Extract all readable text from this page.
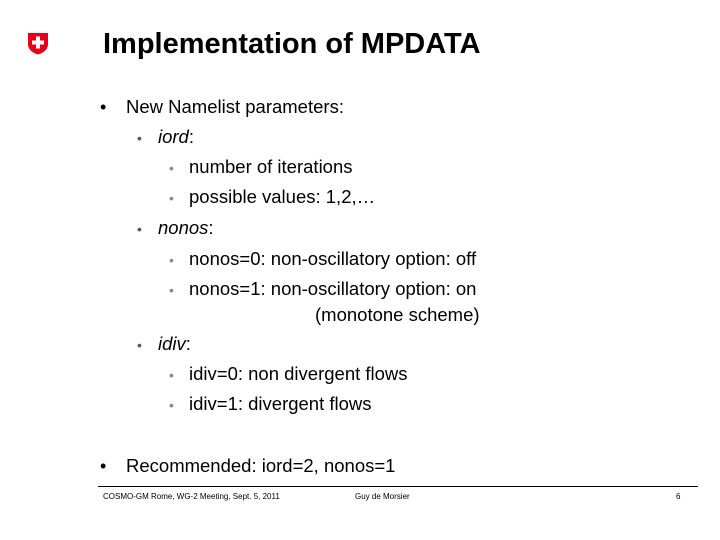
Implementation of MPDATA
• New Namelist parameters:
• iord:
• number of iterations
• possible values: 1,2,…
• nonos:
• nonos=0: non-oscillatory option: off
• nonos=1: non-oscillatory option: on
(monotone scheme)
• idiv:
• idiv=0: non divergent flows
• idiv=1: divergent flows
• Recommended: iord=2, nonos=1
COSMO-GM Rome, WG-2 Meeting, Sept. 5, 2011	Guy de Morsier	6
